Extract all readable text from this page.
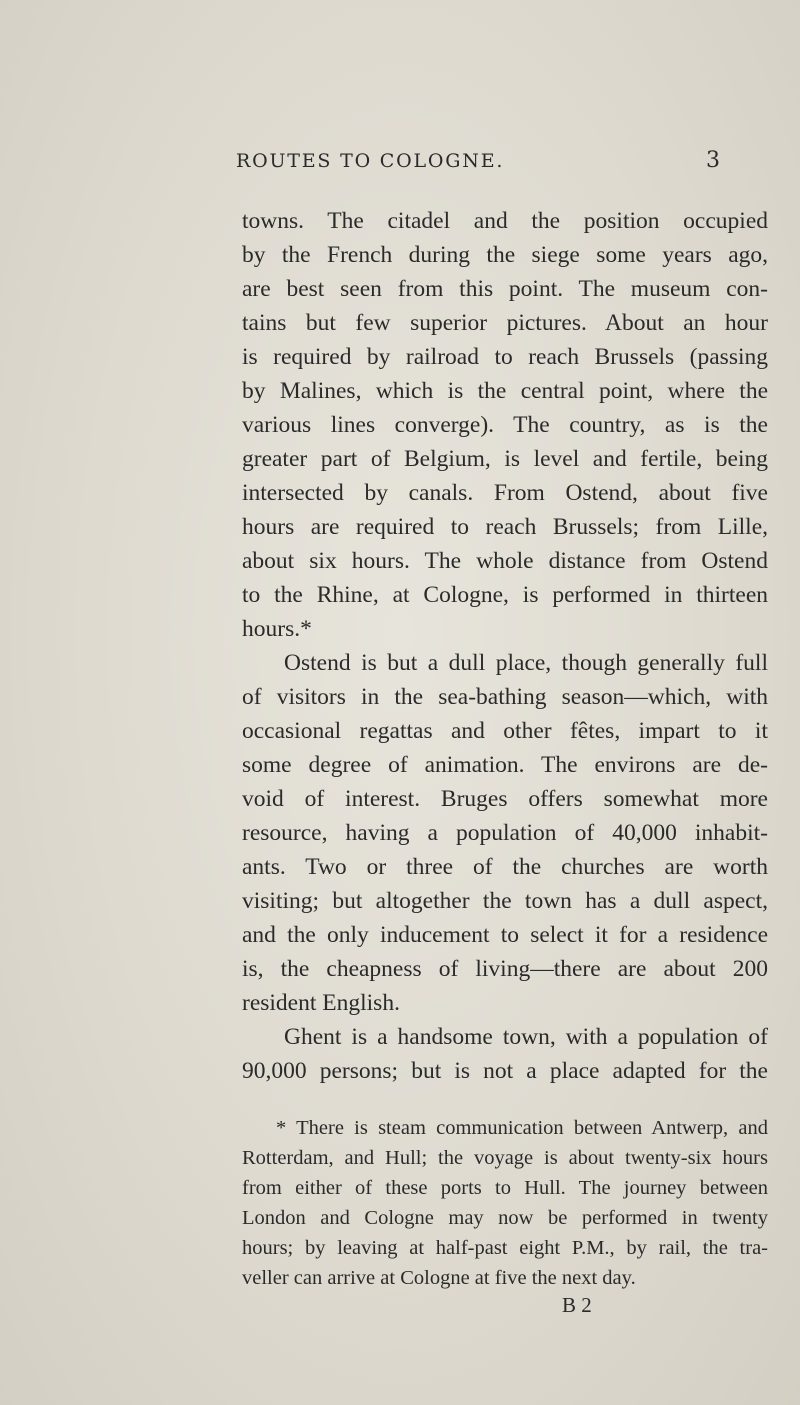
ROUTES TO COLOGNE.	3
towns. The citadel and the position occupied
by the French during the siege some years ago,
are best seen from this point. The museum con-
tains but few superior pictures. About an hour
is required by railroad to reach Brussels (passing
by Malines, which is the central point, where the
various lines converge). The country, as is the
greater part of Belgium, is level and fertile, being
intersected by canals. From Ostend, about five
hours are required to reach Brussels; from Lille,
about six hours. The whole distance from Ostend
to the Rhine, at Cologne, is performed in thirteen
hours.*
Ostend is but a dull place, though generally full
of visitors in the sea-bathing season—which, with
occasional regattas and other fêtes, impart to it
some degree of animation. The environs are de-
void of interest. Bruges offers somewhat more
resource, having a population of 40,000 inhabit-
ants. Two or three of the churches are worth
visiting; but altogether the town has a dull aspect,
and the only inducement to select it for a residence
is, the cheapness of living—there are about 200
resident English.
Ghent is a handsome town, with a population of
90,000 persons; but is not a place adapted for the
* There is steam communication between Antwerp, and
Rotterdam, and Hull; the voyage is about twenty-six hours
from either of these ports to Hull. The journey between
London and Cologne may now be performed in twenty
hours; by leaving at half-past eight P.M., by rail, the tra-
veller can arrive at Cologne at five the next day.
B 2
